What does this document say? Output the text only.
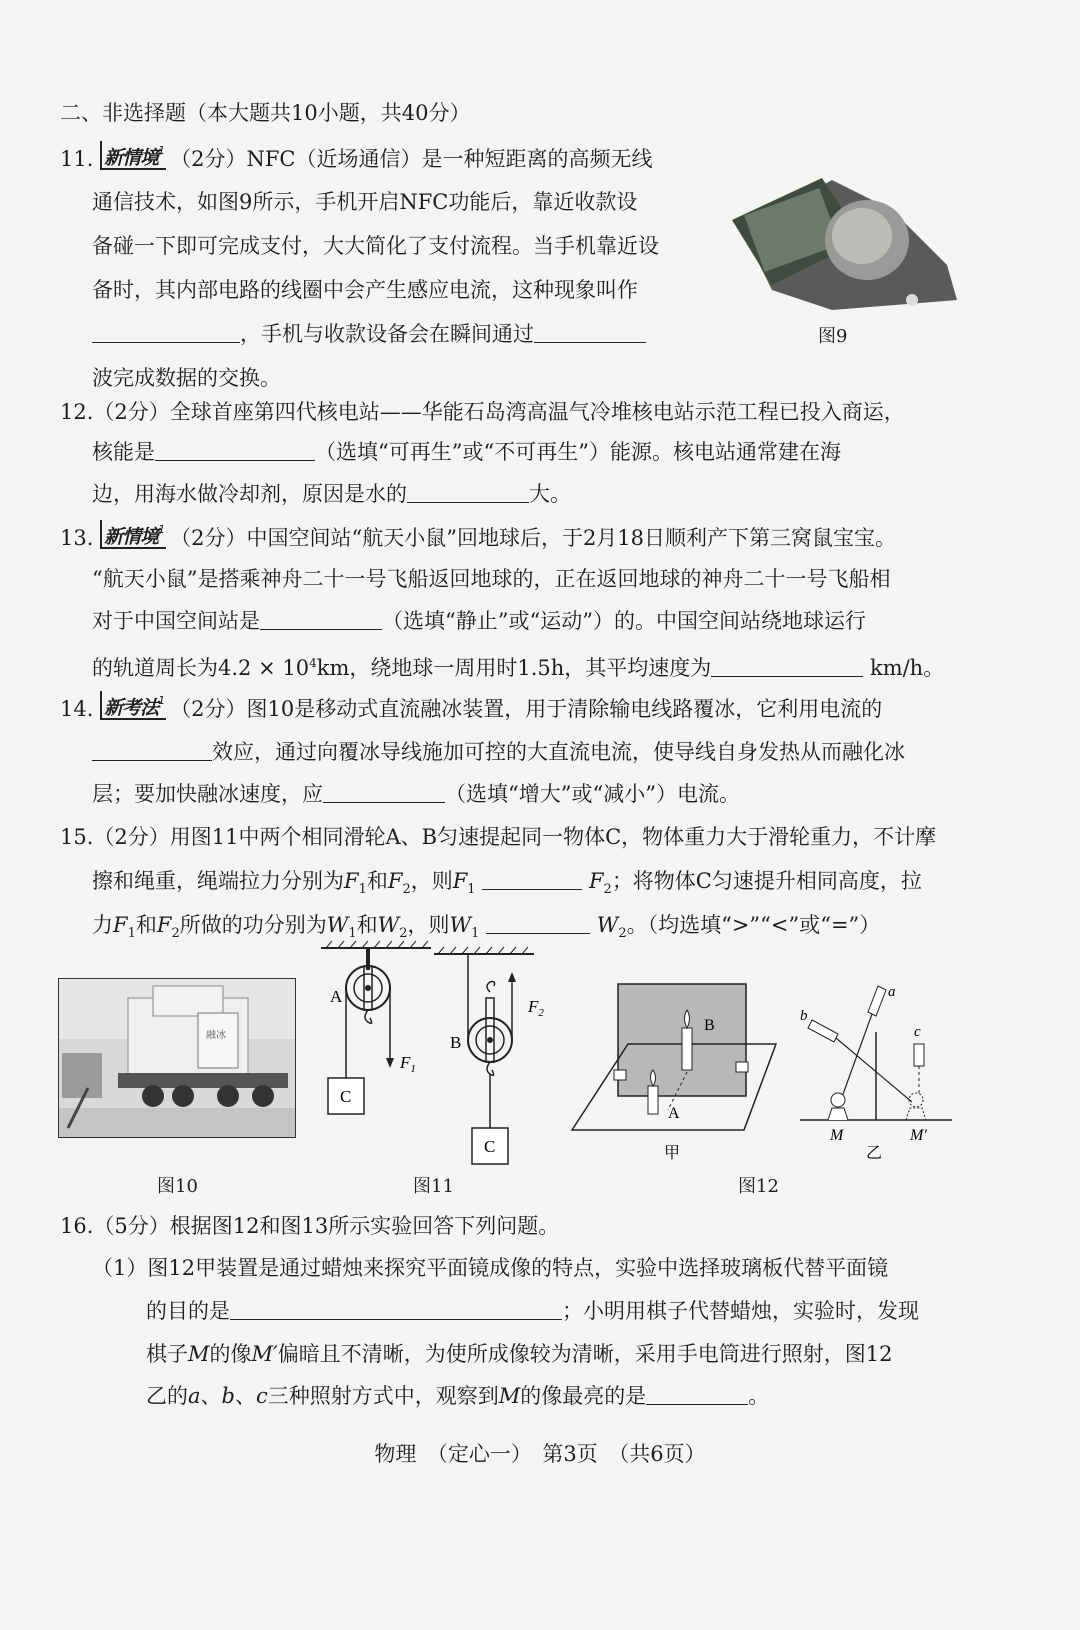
二、非选择题（本大题共10小题，共40分）
11. 新情境$^1$ （2分）NFC（近场通信）是一种短距离的高频无线
通信技术，如图9所示，手机开启NFC功能后，靠近收款设
备碰一下即可完成支付，大大简化了支付流程。当手机靠近设
备时，其内部电路的线圈中会产生感应电流，这种现象叫作
，手机与收款设备会在瞬间通过
波完成数据的交换。
图9
12.（2分）全球首座第四代核电站——华能石岛湾高温气冷堆核电站示范工程已投入商运，
核能是	（选填“可再生”或“不可再生”）能源。核电站通常建在海
边，用海水做冷却剂，原因是水的	大。
13. 新情境$^1$ （2分）中国空间站“航天小鼠”回地球后，于2月18日顺利产下第三窝鼠宝宝。
“航天小鼠”是搭乘神舟二十一号飞船返回地球的，正在返回地球的神舟二十一号飞船相
对于中国空间站是	（选填“静止”或“运动”）的。中国空间站绕地球运行
的轨道周长为$4.2 \times 10^4km$，绕地球一周用时1.5h，其平均速度为	km/h。
14. 新考法$^1$ （2分）图10是移动式直流融冰装置，用于清除输电线路覆冰，它利用电流的
效应，通过向覆冰导线施加可控的大直流电流，使导线自身发热从而融化冰
层；要加快融冰速度，应	（选填“增大”或“减小”）电流。
15.（2分）用图11中两个相同滑轮A、B匀速提起同一物体C，物体重力大于滑轮重力，不计摩
擦和绳重，绳端拉力分别为$F_1$和$F_2$，则$F_1$	$F_2$；将物体C匀速提升相同高度，拉
力$F_1$和$F_2$所做的功分别为$W_1$和$W_2$，则$W_1$	$W_2$。（均选填“>”“<”或“=”）
融冰
图10
A
$F_1$
C
B
$F_2$
C
图11
B
A
甲
a
b
c
M	M′
乙
图12
16.（5分）根据图12和图13所示实验回答下列问题。
（1）图12甲装置是通过蜡烛来探究平面镜成像的特点，实验中选择玻璃板代替平面镜
的目的是	；小明用棋子代替蜡烛，实验时，发现
棋子M的像M′偏暗且不清晰，为使所成像较为清晰，采用手电筒进行照射，图12
乙的a、b、c三种照射方式中，观察到M的像最亮的是	。
物理　（定心一）　第3页　（共6页）
